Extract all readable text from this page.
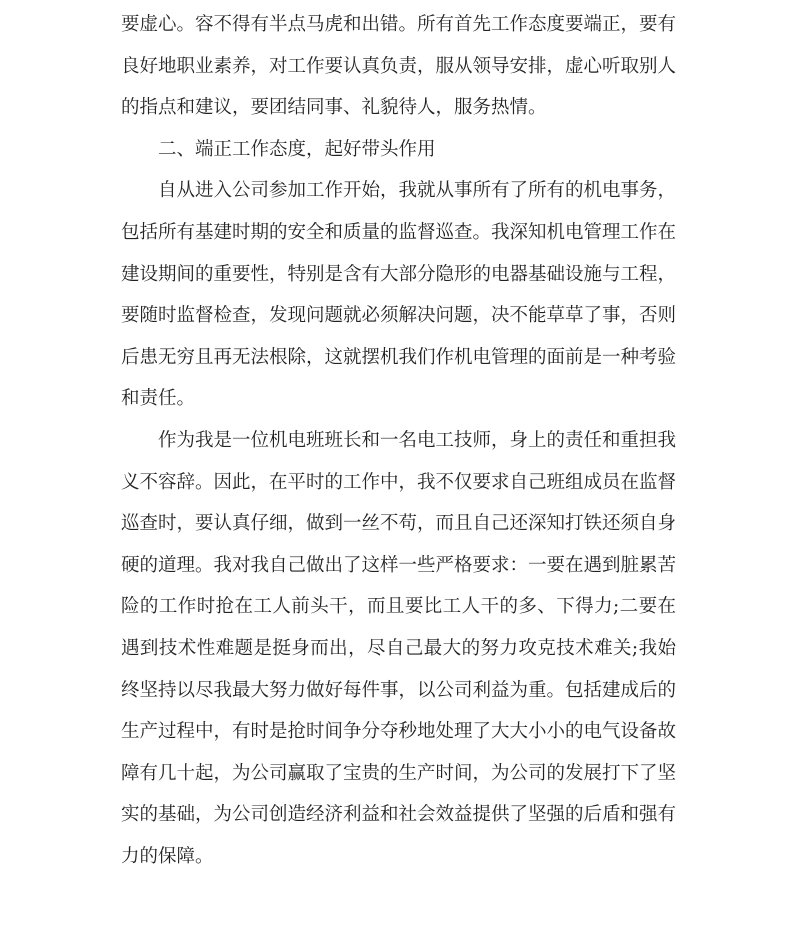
要虚心。容不得有半点马虎和出错。所有首先工作态度要端正，要有良好地职业素养，对工作要认真负责，服从领导安排，虚心听取别人的指点和建议，要团结同事、礼貌待人，服务热情。

二、端正工作态度，起好带头作用

自从进入公司参加工作开始，我就从事所有了所有的机电事务，包括所有基建时期的安全和质量的监督巡查。我深知机电管理工作在建设期间的重要性，特别是含有大部分隐形的电器基础设施与工程，要随时监督检查，发现问题就必须解决问题，决不能草草了事，否则后患无穷且再无法根除，这就摆机我们作机电管理的面前是一种考验和责任。

作为我是一位机电班班长和一名电工技师，身上的责任和重担我义不容辞。因此，在平时的工作中，我不仅要求自己班组成员在监督巡查时，要认真仔细，做到一丝不苟，而且自己还深知打铁还须自身硬的道理。我对我自己做出了这样一些严格要求：一要在遇到脏累苦险的工作时抢在工人前头干，而且要比工人干的多、下得力;二要在遇到技术性难题是挺身而出，尽自己最大的努力攻克技术难关;我始终坚持以尽我最大努力做好每件事，以公司利益为重。包括建成后的生产过程中，有时是抢时间争分夺秒地处理了大大小小的电气设备故障有几十起，为公司赢取了宝贵的生产时间，为公司的发展打下了坚实的基础，为公司创造经济利益和社会效益提供了坚强的后盾和强有力的保障。
